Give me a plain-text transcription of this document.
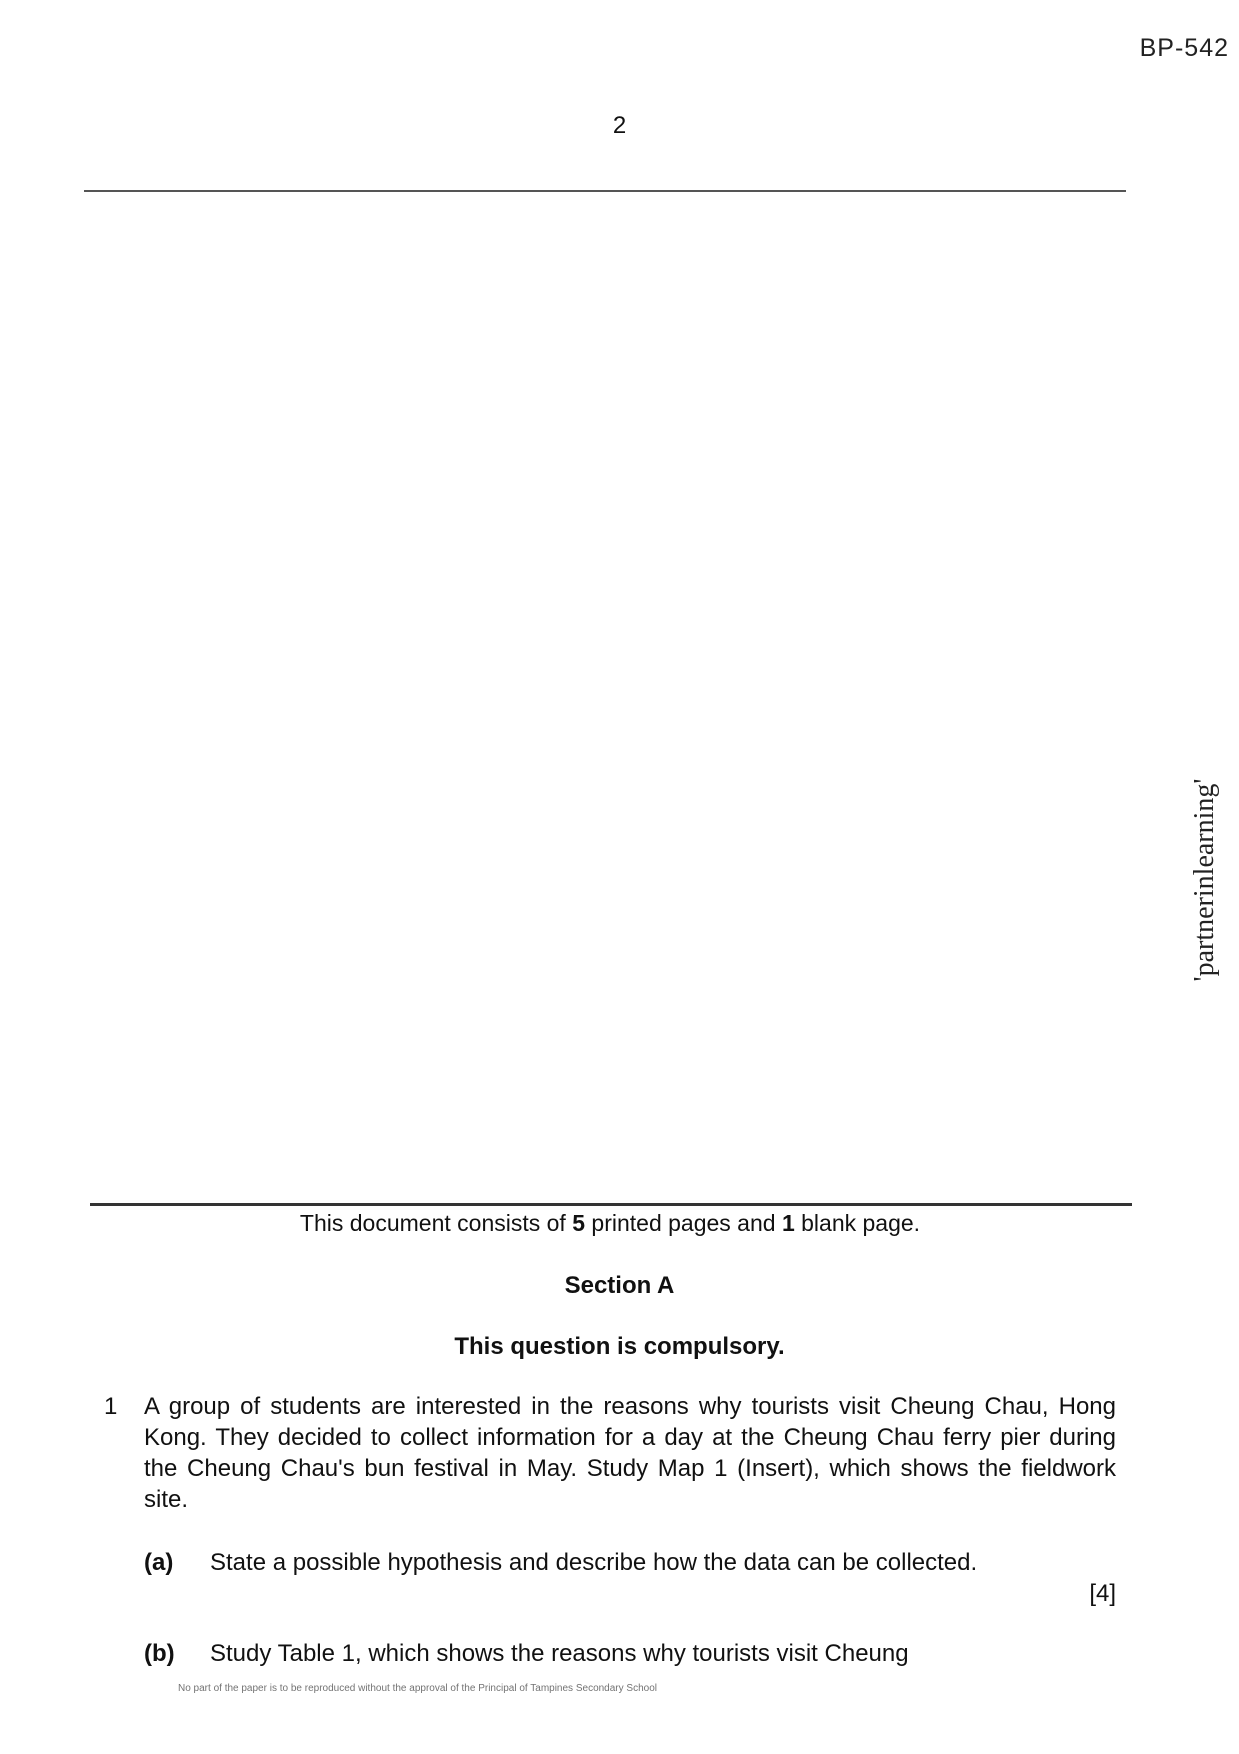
BP-542
2
'partnerinlearning'
This document consists of 5 printed pages and 1 blank page.
Section A
This question is compulsory.
1 A group of students are interested in the reasons why tourists visit Cheung Chau, Hong Kong. They decided to collect information for a day at the Cheung Chau ferry pier during the Cheung Chau's bun festival in May. Study Map 1 (Insert), which shows the fieldwork site.
(a) State a possible hypothesis and describe how the data can be collected.
[4]
(b) Study Table 1, which shows the reasons why tourists visit Cheung
No part of the paper is to be reproduced without the approval of the Principal of Tampines Secondary School
